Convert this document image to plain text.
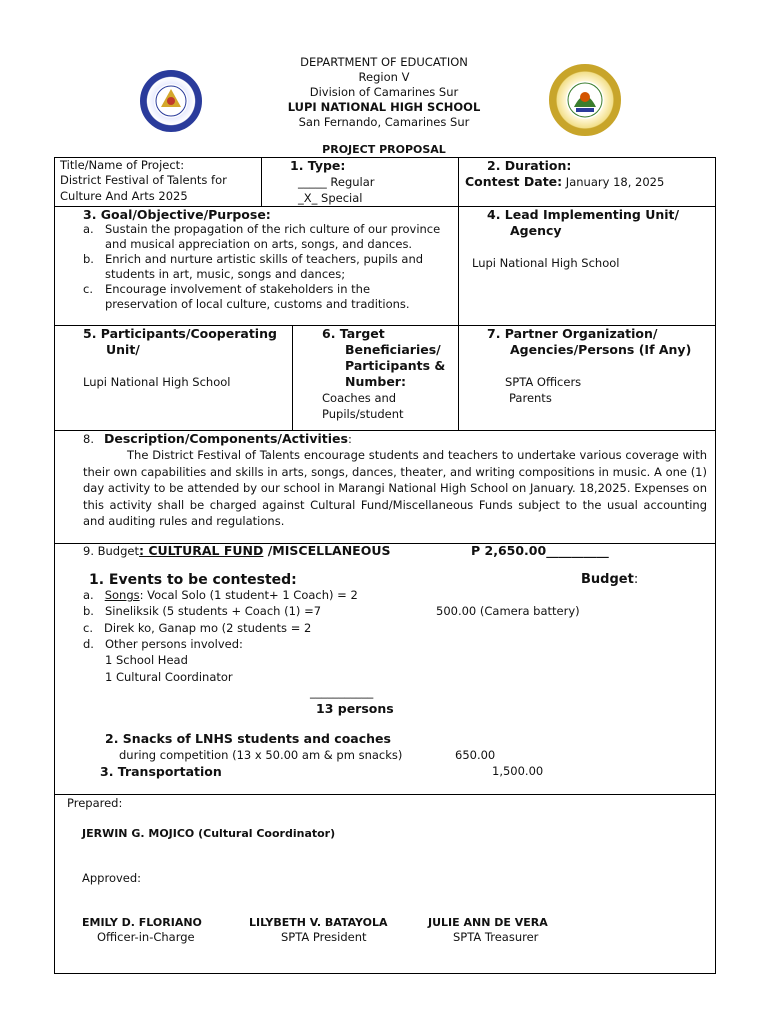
DEPARTMENT OF EDUCATION
Region V
Division of Camarines Sur
LUPI NATIONAL HIGH SCHOOL
San Fernando, Camarines Sur
PROJECT PROPOSAL
Title/Name of Project:
District Festival of Talents for
Culture And Arts 2025
1. Type:
_____ Regular
_X_ Special
2. Duration:
Contest Date: January 18, 2025
3. Goal/Objective/Purpose:
a. Sustain the propagation of the rich culture of our province and musical appreciation on arts, songs, and dances.
b. Enrich and nurture artistic skills of teachers, pupils and students in art, music, songs and dances;
c. Encourage involvement of stakeholders in the preservation of local culture, customs and traditions.
4. Lead Implementing Unit/
Agency
Lupi National High School
5. Participants/Cooperating
Unit/
Lupi National High School
6. Target
Beneficiaries/
Participants &
Number:
Coaches and
Pupils/student
7. Partner Organization/
Agencies/Persons (If Any)
SPTA Officers
Parents
8. Description/Components/Activities:
The District Festival of Talents encourage students and teachers to undertake various coverage with their own capabilities and skills in arts, songs, dances, theater, and writing compositions in music. A one (1) day activity to be attended by our school in Marangi National High School on January. 18,2025. Expenses on this activity shall be charged against Cultural Fund/Miscellaneous Funds subject to the usual accounting and auditing rules and regulations.
9. Budget: CULTURAL FUND /MISCELLANEOUS	P 2,650.00__________
1. Events to be contested:	Budget:
a. Songs: Vocal Solo (1 student+ 1 Coach) = 2
b. Sineliksik (5 students + Coach (1) =7	500.00 (Camera battery)
c. Direk ko, Ganap mo (2 students = 2
d. Other persons involved:
1 School Head
1 Cultural Coordinator
___________
13 persons
2. Snacks of LNHS students and coaches
during competition (13 x 50.00 am & pm snacks)	650.00
3. Transportation	1,500.00
Prepared:
JERWIN G. MOJICO (Cultural Coordinator)
Approved:
EMILY D. FLORIANO
Officer-in-Charge
LILYBETH V. BATAYOLA
SPTA President
JULIE ANN DE VERA
SPTA Treasurer
